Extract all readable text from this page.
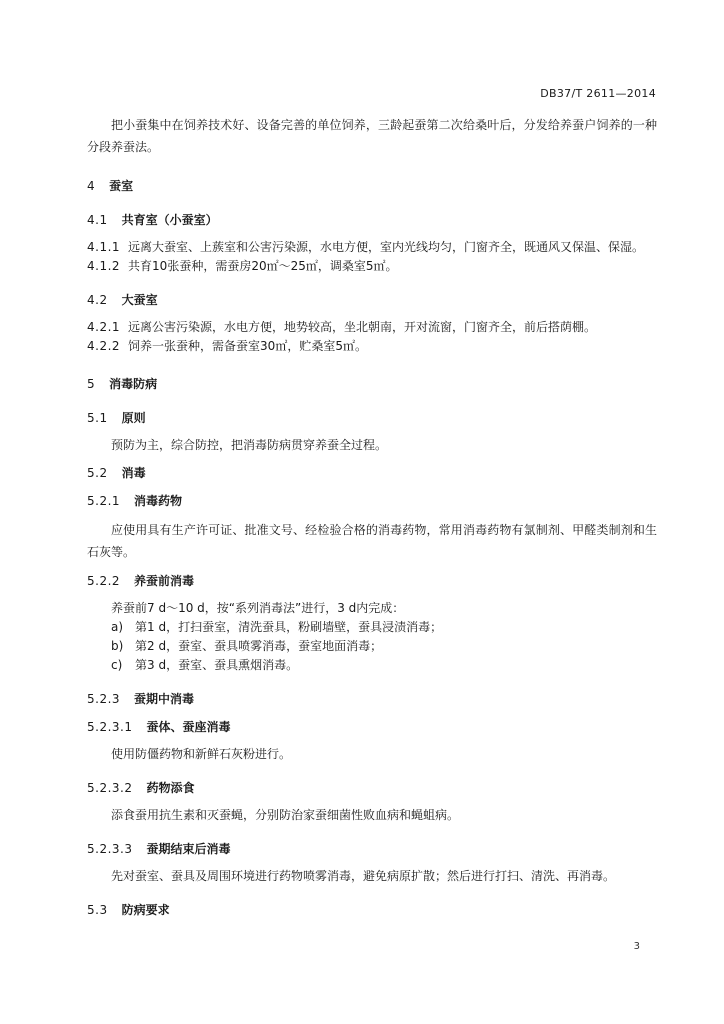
DB37/T 2611—2014

把小蚕集中在饲养技术好、设备完善的单位饲养，三龄起蚕第二次给桑叶后，分发给养蚕户饲养的一种分段养蚕法。

4 蚕室

4.1 共育室（小蚕室）

4.1.1 远离大蚕室、上蔟室和公害污染源，水电方便，室内光线均匀，门窗齐全，既通风又保温、保湿。

4.1.2 共育10张蚕种，需蚕房20㎡～25㎡，调桑室5㎡。

4.2 大蚕室

4.2.1 远离公害污染源，水电方便，地势较高，坐北朝南，开对流窗，门窗齐全，前后搭荫棚。

4.2.2 饲养一张蚕种，需备蚕室30㎡，贮桑室5㎡。

5 消毒防病

5.1 原则

预防为主，综合防控，把消毒防病贯穿养蚕全过程。

5.2 消毒

5.2.1 消毒药物

应使用具有生产许可证、批准文号、经检验合格的消毒药物，常用消毒药物有氯制剂、甲醛类制剂和生石灰等。

5.2.2 养蚕前消毒

养蚕前7 d～10 d，按“系列消毒法”进行，3 d内完成：

a) 第1 d，打扫蚕室，清洗蚕具，粉刷墙壁，蚕具浸渍消毒；

b) 第2 d，蚕室、蚕具喷雾消毒，蚕室地面消毒；

c) 第3 d，蚕室、蚕具熏烟消毒。

5.2.3 蚕期中消毒

5.2.3.1 蚕体、蚕座消毒

使用防僵药物和新鲜石灰粉进行。

5.2.3.2 药物添食

添食蚕用抗生素和灭蚕蝇，分别防治家蚕细菌性败血病和蝇蛆病。

5.2.3.3 蚕期结束后消毒

先对蚕室、蚕具及周围环境进行药物喷雾消毒，避免病原扩散；然后进行打扫、清洗、再消毒。

5.3 防病要求

3
